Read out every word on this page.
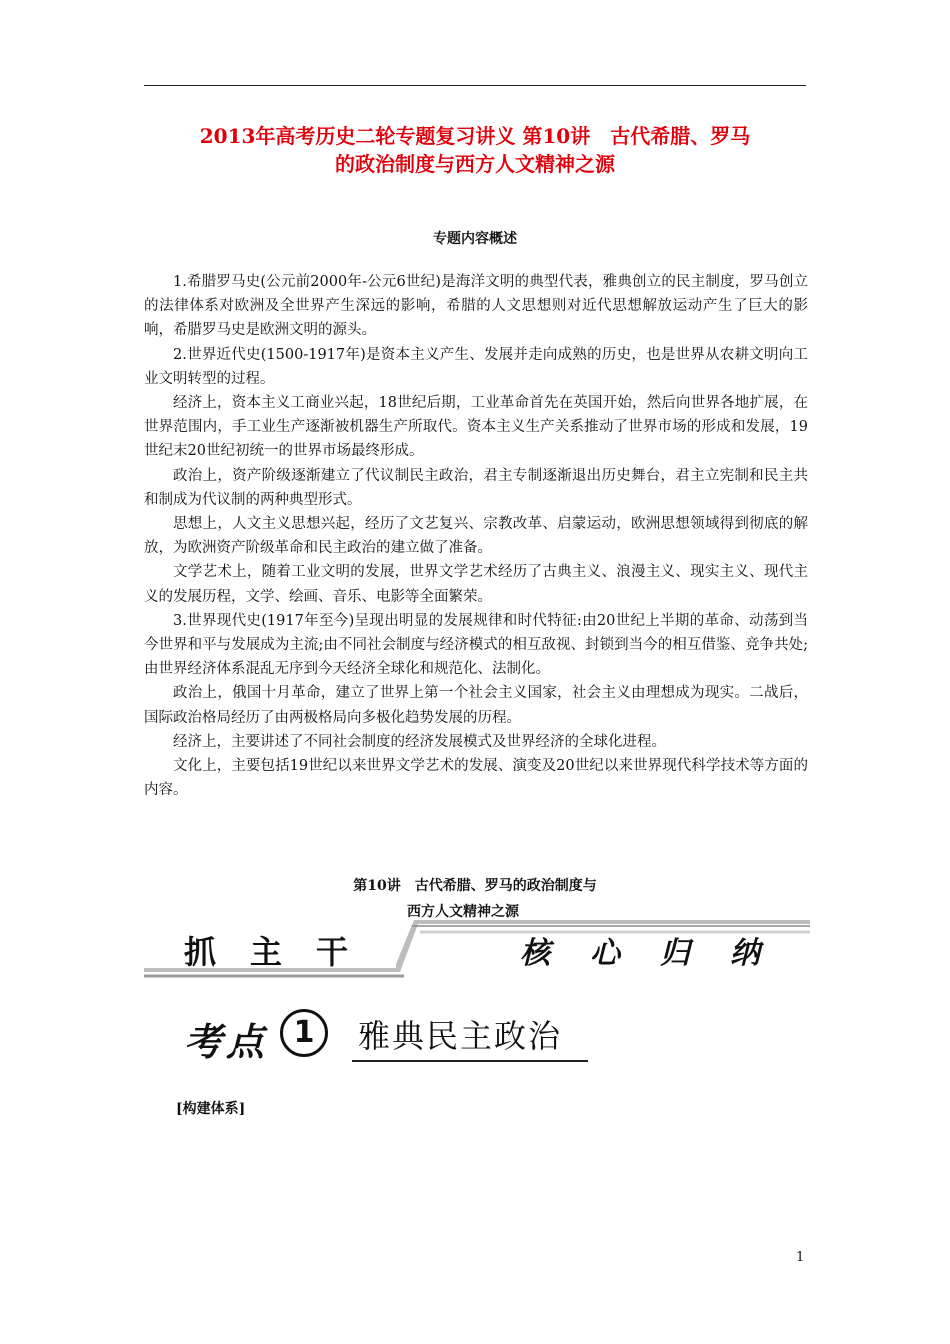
2013年高考历史二轮专题复习讲义 第10讲　古代希腊、罗马
的政治制度与西方人文精神之源
专题内容概述

1.希腊罗马史(公元前2000年-公元6世纪)是海洋文明的典型代表，雅典创立的民主制度，罗马创立的法律体系对欧洲及全世界产生深远的影响，希腊的人文思想则对近代思想解放运动产生了巨大的影响，希腊罗马史是欧洲文明的源头。

2.世界近代史(1500-1917年)是资本主义产生、发展并走向成熟的历史，也是世界从农耕文明向工业文明转型的过程。

经济上，资本主义工商业兴起，18世纪后期，工业革命首先在英国开始，然后向世界各地扩展，在世界范围内，手工业生产逐渐被机器生产所取代。资本主义生产关系推动了世界市场的形成和发展，19世纪末20世纪初统一的世界市场最终形成。

政治上，资产阶级逐渐建立了代议制民主政治，君主专制逐渐退出历史舞台，君主立宪制和民主共和制成为代议制的两种典型形式。

思想上，人文主义思想兴起，经历了文艺复兴、宗教改革、启蒙运动，欧洲思想领域得到彻底的解放，为欧洲资产阶级革命和民主政治的建立做了准备。

文学艺术上，随着工业文明的发展，世界文学艺术经历了古典主义、浪漫主义、现实主义、现代主义的发展历程，文学、绘画、音乐、电影等全面繁荣。

3.世界现代史(1917年至今)呈现出明显的发展规律和时代特征:由20世纪上半期的革命、动荡到当今世界和平与发展成为主流;由不同社会制度与经济模式的相互敌视、封锁到当今的相互借鉴、竞争共处;由世界经济体系混乱无序到今天经济全球化和规范化、法制化。

政治上，俄国十月革命，建立了世界上第一个社会主义国家，社会主义由理想成为现实。二战后，国际政治格局经历了由两极格局向多极化趋势发展的历程。

经济上，主要讲述了不同社会制度的经济发展模式及世界经济的全球化进程。

文化上，主要包括19世纪以来世界文学艺术的发展、演变及20世纪以来世界现代科学技术等方面的内容。

第10讲　古代希腊、罗马的政治制度与
西方人文精神之源
抓主干	核心归纳
考点 1	雅典民主政治
[构建体系]
1
